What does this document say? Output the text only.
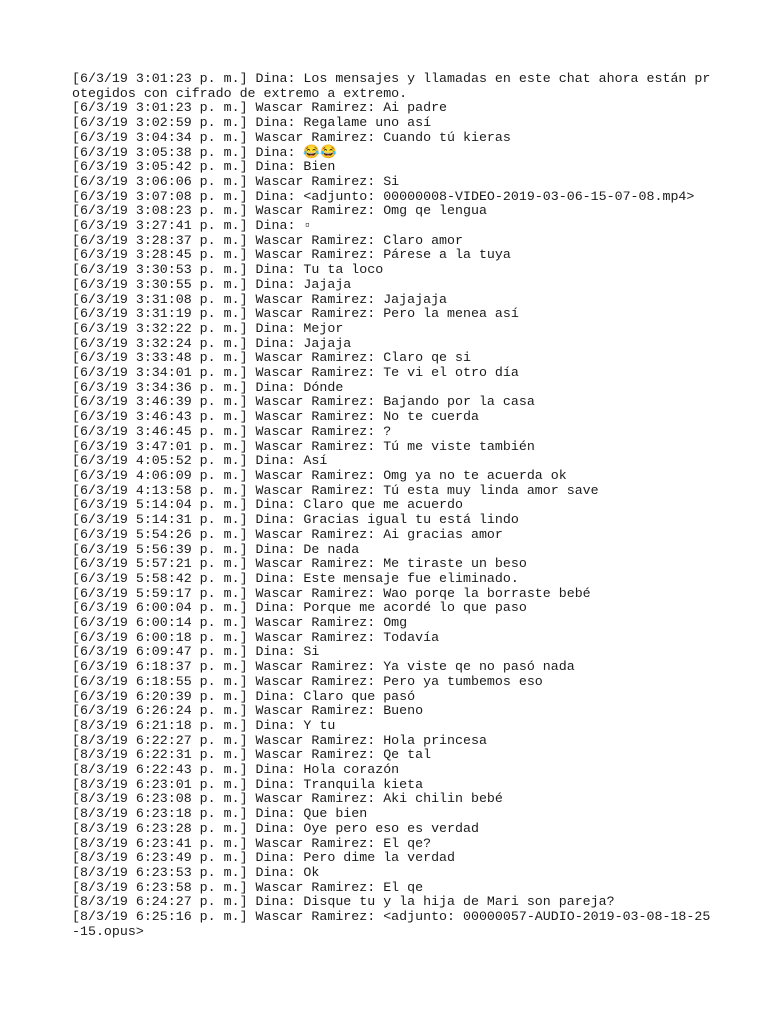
[6/3/19 3:01:23 p. m.] Dina: Los mensajes y llamadas en este chat ahora están protegidos con cifrado de extremo a extremo.
[6/3/19 3:01:23 p. m.] Wascar Ramirez: Ai padre
[6/3/19 3:02:59 p. m.] Dina: Regalame uno así
[6/3/19 3:04:34 p. m.] Wascar Ramirez: Cuando tú kieras
[6/3/19 3:05:38 p. m.] Dina: 😂😂
[6/3/19 3:05:42 p. m.] Dina: Bien
[6/3/19 3:06:06 p. m.] Wascar Ramirez: Si
[6/3/19 3:07:08 p. m.] Dina: <adjunto: 00000008-VIDEO-2019-03-06-15-07-08.mp4>
[6/3/19 3:08:23 p. m.] Wascar Ramirez: Omg qe lengua
[6/3/19 3:27:41 p. m.] Dina: ▫
[6/3/19 3:28:37 p. m.] Wascar Ramirez: Claro amor
[6/3/19 3:28:45 p. m.] Wascar Ramirez: Párese a la tuya
[6/3/19 3:30:53 p. m.] Dina: Tu ta loco
[6/3/19 3:30:55 p. m.] Dina: Jajaja
[6/3/19 3:31:08 p. m.] Wascar Ramirez: Jajajaja
[6/3/19 3:31:19 p. m.] Wascar Ramirez: Pero la menea así
[6/3/19 3:32:22 p. m.] Dina: Mejor
[6/3/19 3:32:24 p. m.] Dina: Jajaja
[6/3/19 3:33:48 p. m.] Wascar Ramirez: Claro qe si
[6/3/19 3:34:01 p. m.] Wascar Ramirez: Te vi el otro día
[6/3/19 3:34:36 p. m.] Dina: Dónde
[6/3/19 3:46:39 p. m.] Wascar Ramirez: Bajando por la casa
[6/3/19 3:46:43 p. m.] Wascar Ramirez: No te cuerda
[6/3/19 3:46:45 p. m.] Wascar Ramirez: ?
[6/3/19 3:47:01 p. m.] Wascar Ramirez: Tú me viste también
[6/3/19 4:05:52 p. m.] Dina: Así
[6/3/19 4:06:09 p. m.] Wascar Ramirez: Omg ya no te acuerda ok
[6/3/19 4:13:58 p. m.] Wascar Ramirez: Tú esta muy linda amor save
[6/3/19 5:14:04 p. m.] Dina: Claro que me acuerdo
[6/3/19 5:14:31 p. m.] Dina: Gracias igual tu está lindo
[6/3/19 5:54:26 p. m.] Wascar Ramirez: Ai gracias amor
[6/3/19 5:56:39 p. m.] Dina: De nada
[6/3/19 5:57:21 p. m.] Wascar Ramirez: Me tiraste un beso
[6/3/19 5:58:42 p. m.] Dina: Este mensaje fue eliminado.
[6/3/19 5:59:17 p. m.] Wascar Ramirez: Wao porqe la borraste bebé
[6/3/19 6:00:04 p. m.] Dina: Porque me acordé lo que paso
[6/3/19 6:00:14 p. m.] Wascar Ramirez: Omg
[6/3/19 6:00:18 p. m.] Wascar Ramirez: Todavía
[6/3/19 6:09:47 p. m.] Dina: Si
[6/3/19 6:18:37 p. m.] Wascar Ramirez: Ya viste qe no pasó nada
[6/3/19 6:18:55 p. m.] Wascar Ramirez: Pero ya tumbemos eso
[6/3/19 6:20:39 p. m.] Dina: Claro que pasó
[6/3/19 6:26:24 p. m.] Wascar Ramirez: Bueno
[8/3/19 6:21:18 p. m.] Dina: Y tu
[8/3/19 6:22:27 p. m.] Wascar Ramirez: Hola princesa
[8/3/19 6:22:31 p. m.] Wascar Ramirez: Qe tal
[8/3/19 6:22:43 p. m.] Dina: Hola corazón
[8/3/19 6:23:01 p. m.] Dina: Tranquila kieta
[8/3/19 6:23:08 p. m.] Wascar Ramirez: Aki chilin bebé
[8/3/19 6:23:18 p. m.] Dina: Que bien
[8/3/19 6:23:28 p. m.] Dina: Oye pero eso es verdad
[8/3/19 6:23:41 p. m.] Wascar Ramirez: El qe?
[8/3/19 6:23:49 p. m.] Dina: Pero dime la verdad
[8/3/19 6:23:53 p. m.] Dina: Ok
[8/3/19 6:23:58 p. m.] Wascar Ramirez: El qe
[8/3/19 6:24:27 p. m.] Dina: Disque tu y la hija de Mari son pareja?
[8/3/19 6:25:16 p. m.] Wascar Ramirez: <adjunto: 00000057-AUDIO-2019-03-08-18-25-15.opus>
